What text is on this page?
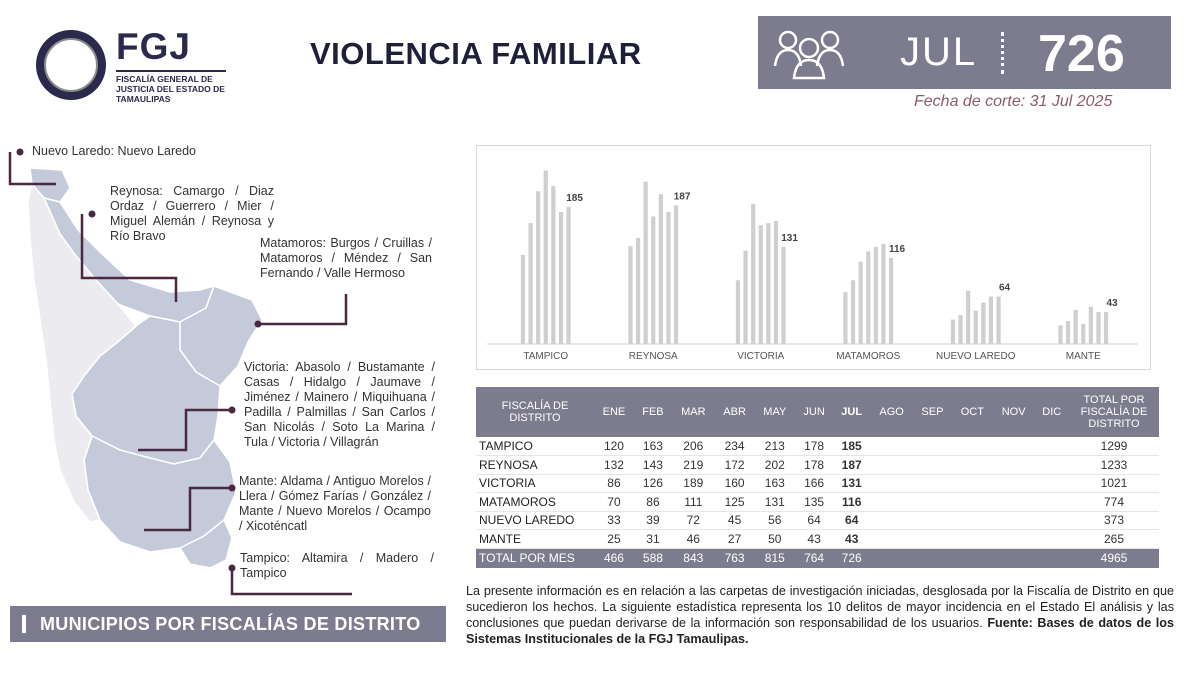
FGJ
FISCALÍA GENERAL DE JUSTICIA DEL ESTADO DE TAMAULIPAS
VIOLENCIA FAMILIAR	JUL 726
Fecha de corte: 31 Jul 2025
Nuevo Laredo: Nuevo Laredo
Reynosa: Camargo / Diaz Ordaz / Guerrero / Mier / Miguel Alemán / Reynosa y Río Bravo	Matamoros: Burgos / Cruillas / Matamoros / Méndez / San Fernando / Valle Hermoso
Victoria: Abasolo / Bustamante / Casas / Hidalgo / Jaumave / Jiménez / Mainero / Miquihuana / Padilla / Palmillas / San Carlos / San Nicolás / Soto La Marina / Tula / Victoria / Villagrán
Mante: Aldama / Antiguo Morelos / Llera / Gómez Farías / González / Mante / Nuevo Morelos / Ocampo / Xicoténcatl
Tampico: Altamira / Madero / Tampico
MUNICIPIOS POR FISCALÍAS DE DISTRITO
185
TAMPICO
187
REYNOSA
131
VICTORIA
116
MATAMOROS
64
NUEVO LAREDO
43
MANTE
FISCALÍA DE DISTRITO	ENE	FEB	MAR	ABR	MAY	JUN	JUL	AGO	SEP	OCT	NOV	DIC	TOTAL POR FISCALÍA DE DISTRITO
TAMPICO	120	163	206	234	213	178	185						1299
REYNOSA	132	143	219	172	202	178	187						1233
VICTORIA	86	126	189	160	163	166	131						1021
MATAMOROS	70	86	111	125	131	135	116						774
NUEVO LAREDO	33	39	72	45	56	64	64						373
MANTE	25	31	46	27	50	43	43						265
TOTAL POR MES	466	588	843	763	815	764	726						4965
La presente información es en relación a las carpetas de investigación iniciadas, desglosada por la Fiscalía de Distrito en que sucedieron los hechos. La siguiente estadística representa los 10 delitos de mayor incidencia en el Estado El análisis y las conclusiones que puedan derivarse de la información son responsabilidad de los usuarios. Fuente: Bases de datos de los Sistemas Institucionales de la FGJ Tamaulipas.
